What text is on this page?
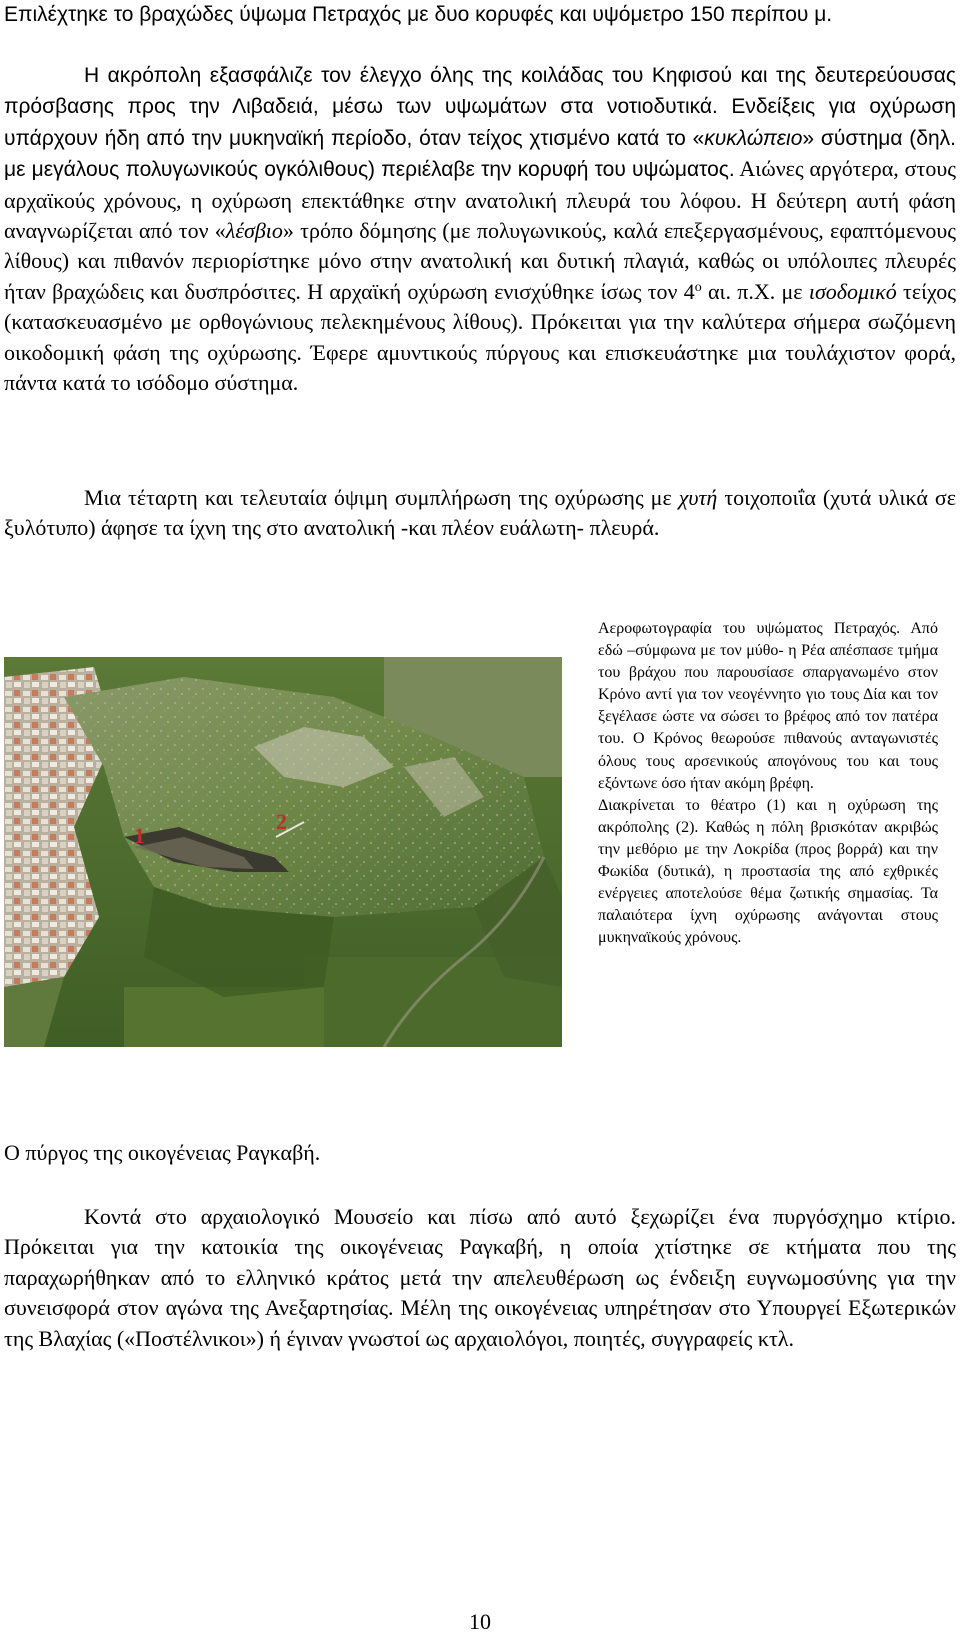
Επιλέχτηκε το βραχώδες ύψωμα Πετραχός με δυο κορυφές και υψόμετρο 150 περίπου μ.

Η ακρόπολη εξασφάλιζε τον έλεγχο όλης της κοιλάδας του Κηφισού και της δευτερεύουσας πρόσβασης προς την Λιβαδειά, μέσω των υψωμάτων στα νοτιοδυτικά. Ενδείξεις για οχύρωση υπάρχουν ήδη από την μυκηναϊκή περίοδο, όταν τείχος χτισμένο κατά το «κυκλώπειο» σύστημα (δηλ. με μεγάλους πολυγωνικούς ογκόλιθους) περιέλαβε την κορυφή του υψώματος. Αιώνες αργότερα, στους αρχαϊκούς χρόνους, η οχύρωση επεκτάθηκε στην ανατολική πλευρά του λόφου. Η δεύτερη αυτή φάση αναγνωρίζεται από τον «λέσβιο» τρόπο δόμησης (με πολυγωνικούς, καλά επεξεργασμένους, εφαπτόμενους λίθους) και πιθανόν περιορίστηκε μόνο στην ανατολική και δυτική πλαγιά, καθώς οι υπόλοιπες πλευρές ήταν βραχώδεις και δυσπρόσιτες. Η αρχαϊκή οχύρωση ενισχύθηκε ίσως τον $4^o$ αι. π.Χ. με ισοδομικό τείχος (κατασκευασμένο με ορθογώνιους πελεκημένους λίθους). Πρόκειται για την καλύτερα σήμερα σωζόμενη οικοδομική φάση της οχύρωσης. Έφερε αμυντικούς πύργους και επισκευάστηκε μια τουλάχιστον φορά, πάντα κατά το ισόδομο σύστημα.

Μια τέταρτη και τελευταία όψιμη συμπλήρωση της οχύρωσης με χυτή τοιχοποιΐα (χυτά υλικά σε ξυλότυπο) άφησε τα ίχνη της στο ανατολική -και πλέον ευάλωτη- πλευρά.

1
2

Αεροφωτογραφία του υψώματος Πετραχός. Από εδώ –σύμφωνα με τον μύθο- η Ρέα απέσπασε τμήμα του βράχου που παρουσίασε σπαργανωμένο στον Κρόνο αντί για τον νεογέννητο γιο τους Δία και τον ξεγέλασε ώστε να σώσει το βρέφος από τον πατέρα του. Ο Κρόνος θεωρούσε πιθανούς ανταγωνιστές όλους τους αρσενικούς απογόνους του και τους εξόντωνε όσο ήταν ακόμη βρέφη.
Διακρίνεται το θέατρο (1) και η οχύρωση της ακρόπολης (2). Καθώς η πόλη βρισκόταν ακριβώς την μεθόριο με την Λοκρίδα (προς βορρά) και την Φωκίδα (δυτικά), η προστασία της από εχθρικές ενέργειες αποτελούσε θέμα ζωτικής σημασίας. Τα παλαιότερα ίχνη οχύρωσης ανάγονται στους μυκηναϊκούς χρόνους.

Ο πύργος της οικογένειας Ραγκαβή.

Κοντά στο αρχαιολογικό Μουσείο και πίσω από αυτό ξεχωρίζει ένα πυργόσχημο κτίριο. Πρόκειται για την κατοικία της οικογένειας Ραγκαβή, η οποία χτίστηκε σε κτήματα που της παραχωρήθηκαν από το ελληνικό κράτος μετά την απελευθέρωση ως ένδειξη ευγνωμοσύνης για την συνεισφορά στον αγώνα της Ανεξαρτησίας. Μέλη της οικογένειας υπηρέτησαν στο Υπουργεί Εξωτερικών της Βλαχίας («Ποστέλνικοι») ή έγιναν γνωστοί ως αρχαιολόγοι, ποιητές, συγγραφείς κτλ.

10
